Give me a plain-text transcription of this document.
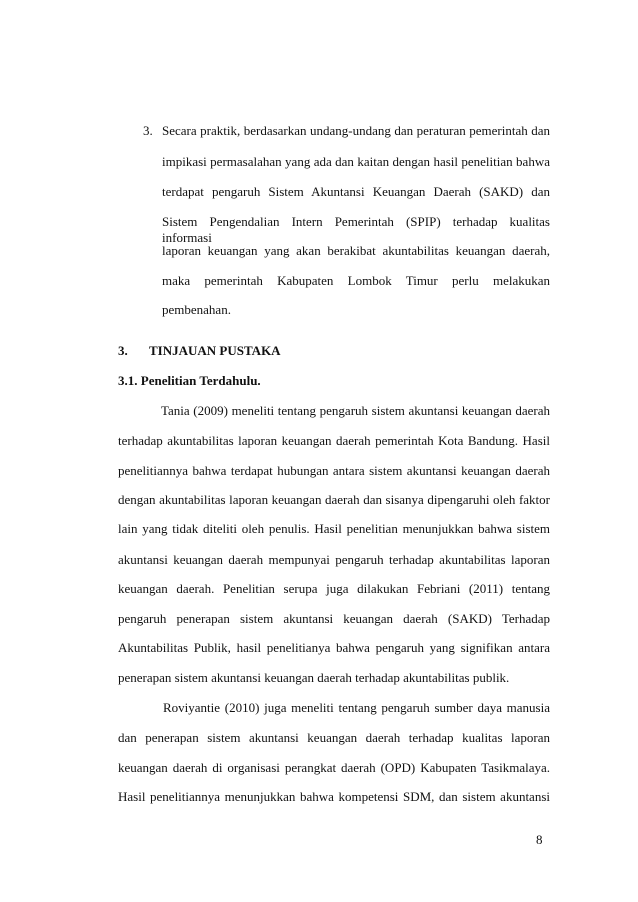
3. Secara praktik, berdasarkan undang-undang dan peraturan pemerintah dan
impikasi permasalahan yang ada dan kaitan dengan hasil penelitian bahwa
terdapat pengaruh Sistem Akuntansi Keuangan Daerah (SAKD) dan
Sistem Pengendalian Intern Pemerintah (SPIP) terhadap kualitas informasi
laporan keuangan yang akan berakibat akuntabilitas keuangan daerah,
maka pemerintah Kabupaten Lombok Timur perlu melakukan
pembenahan.
3. TINJAUAN PUSTAKA
3.1. Penelitian Terdahulu.
Tania (2009) meneliti tentang pengaruh sistem akuntansi keuangan daerah
terhadap akuntabilitas laporan keuangan daerah pemerintah Kota Bandung. Hasil
penelitiannya bahwa terdapat hubungan antara sistem akuntansi keuangan daerah
dengan akuntabilitas laporan keuangan daerah dan sisanya dipengaruhi oleh faktor
lain yang tidak diteliti oleh penulis. Hasil penelitian menunjukkan bahwa sistem
akuntansi keuangan daerah mempunyai pengaruh terhadap akuntabilitas laporan
keuangan daerah. Penelitian serupa juga dilakukan Febriani (2011) tentang
pengaruh penerapan sistem akuntansi keuangan daerah (SAKD) Terhadap
Akuntabilitas Publik, hasil penelitianya bahwa pengaruh yang signifikan antara
penerapan sistem akuntansi keuangan daerah terhadap akuntabilitas publik.
Roviyantie (2010) juga meneliti tentang pengaruh sumber daya manusia
dan penerapan sistem akuntansi keuangan daerah terhadap kualitas laporan
keuangan daerah di organisasi perangkat daerah (OPD) Kabupaten Tasikmalaya.
Hasil penelitiannya menunjukkan bahwa kompetensi SDM, dan sistem akuntansi
8
